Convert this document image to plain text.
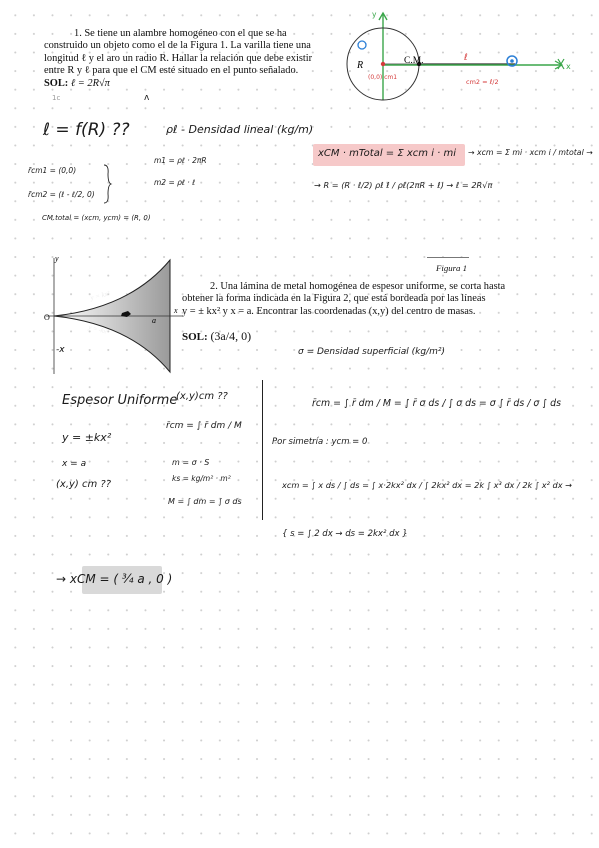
1. Se tiene un alambre homogéneo con el que se ha
construido un objeto como el de la Figura 1. La varilla tiene una
longitud ℓ y el aro un radio R. Hallar la relación que debe existir
entre R y ℓ para que el CM esté situado en el punto señalado.
SOL: ℓ = 2R√π
R	C.M.	ℓ
y
x
(0,0) cm1
cm2 = ℓ/2
1c	ʌ
ℓ = f(R) ??	ρℓ - Densidad lineal (kg/m)
xCM · mTotal = Σ xcm i · mi → xcm = Σ mi · xcm i / mtotal →
m1 = ρℓ · 2πR
m2 = ρℓ · ℓ
r̄cm1 = (0,0)
r̄cm2 = (ℓ - ℓ/2, 0)
CM.total = (xcm, ycm) = (R, 0)
→ R = (R · ℓ/2) ρℓ ℓ / ρℓ(2πR + ℓ) → ℓ = 2R√π
Figura 1
y
x
O	a
y = kx²
y = -kx²
-x
2. Una lámina de metal homogénea de espesor uniforme, se corta hasta
obtener la forma indicada en la Figura 2, que está bordeada por las líneas
y = ± kx² y x = a. Encontrar las coordenadas (x,y) del centro de masas.
SOL: (3a/4, 0)
σ = Densidad superficial (kg/m²)
Espesor Uniforme
y = ±kx²
x = a
(x,y) cm ??
(x,y)cm ??
r̄cm = ∫ r̄ dm / M
m = σ · S
ks = kg/m² · m²
M = ∫ dm = ∫ σ ds
r̄cm = ∫ r̄ dm / M = ∫ r̄ σ ds / ∫ σ ds = σ ∫ r̄ ds / σ ∫ ds
Por simetría : ycm = 0
xcm = ∫ x ds / ∫ ds = ∫ x·2kx² dx / ∫ 2kx² dx = 2k ∫ x³ dx / 2k ∫ x² dx →
{ s = ∫ 2 dx → ds = 2kx² dx }
→ xCM = ( ¾ a , 0 )
